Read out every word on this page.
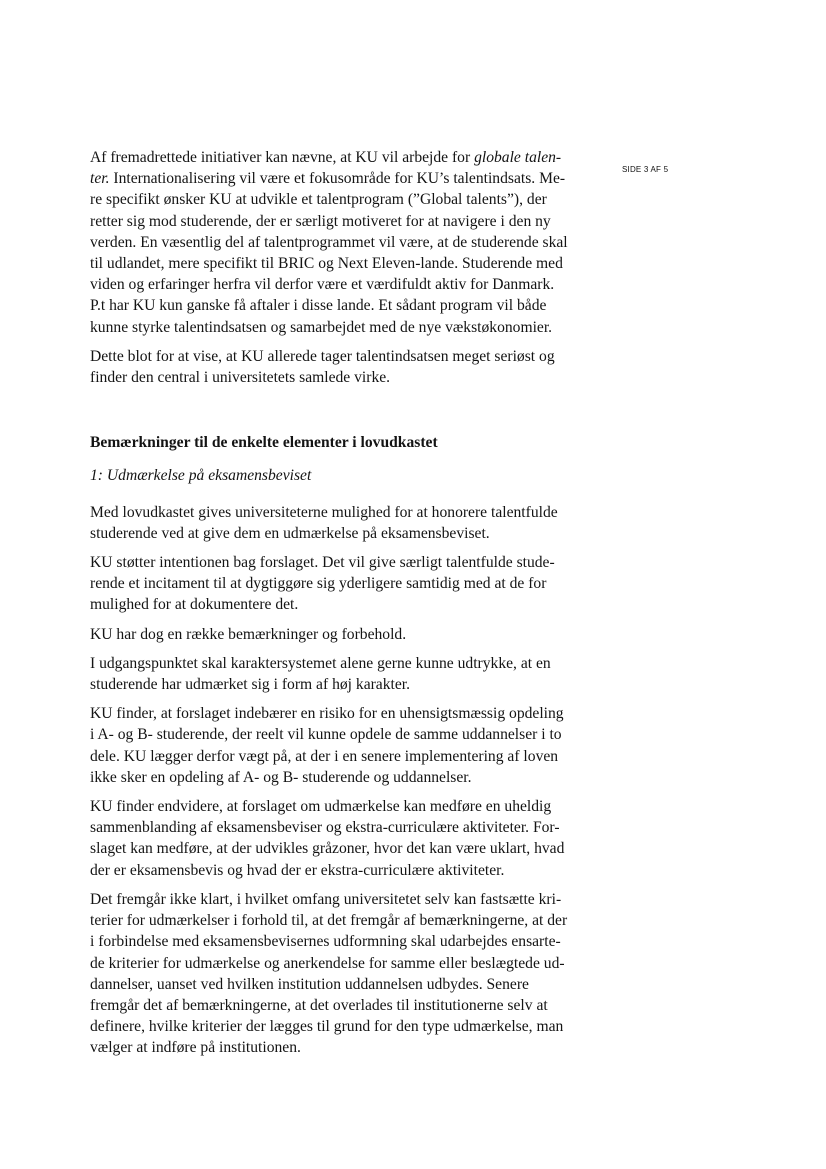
SIDE 3 AF 5
Af fremadrettede initiativer kan nævne, at KU vil arbejde for globale talen-
ter. Internationalisering vil være et fokusområde for KU’s talentindsats. Me-
re specifikt ønsker KU at udvikle et talentprogram (”Global talents”), der
retter sig mod studerende, der er særligt motiveret for at navigere i den ny
verden. En væsentlig del af talentprogrammet vil være, at de studerende skal
til udlandet, mere specifikt til BRIC og Next Eleven-lande. Studerende med
viden og erfaringer herfra vil derfor være et værdifuldt aktiv for Danmark.
P.t har KU kun ganske få aftaler i disse lande. Et sådant program vil både
kunne styrke talentindsatsen og samarbejdet med de nye vækstøkonomier.
Dette blot for at vise, at KU allerede tager talentindsatsen meget seriøst og
finder den central i universitetets samlede virke.

Bemærkninger til de enkelte elementer i lovudkastet

1: Udmærkelse på eksamensbeviset

Med lovudkastet gives universiteterne mulighed for at honorere talentfulde
studerende ved at give dem en udmærkelse på eksamensbeviset.
KU støtter intentionen bag forslaget. Det vil give særligt talentfulde stude-
rende et incitament til at dygtiggøre sig yderligere samtidig med at de for
mulighed for at dokumentere det.
KU har dog en række bemærkninger og forbehold.
I udgangspunktet skal karaktersystemet alene gerne kunne udtrykke, at en
studerende har udmærket sig i form af høj karakter.
KU finder, at forslaget indebærer en risiko for en uhensigtsmæssig opdeling
i A- og B- studerende, der reelt vil kunne opdele de samme uddannelser i to
dele. KU lægger derfor vægt på, at der i en senere implementering af loven
ikke sker en opdeling af A- og B- studerende og uddannelser.
KU finder endvidere, at forslaget om udmærkelse kan medføre en uheldig
sammenblanding af eksamensbeviser og ekstra-curriculære aktiviteter. For-
slaget kan medføre, at der udvikles gråzoner, hvor det kan være uklart, hvad
der er eksamensbevis og hvad der er ekstra-curriculære aktiviteter.
Det fremgår ikke klart, i hvilket omfang universitetet selv kan fastsætte kri-
terier for udmærkelser i forhold til, at det fremgår af bemærkningerne, at der
i forbindelse med eksamensbevisernes udformning skal udarbejdes ensarte-
de kriterier for udmærkelse og anerkendelse for samme eller beslægtede ud-
dannelser, uanset ved hvilken institution uddannelsen udbydes. Senere
fremgår det af bemærkningerne, at det overlades til institutionerne selv at
definere, hvilke kriterier der lægges til grund for den type udmærkelse, man
vælger at indføre på institutionen.
